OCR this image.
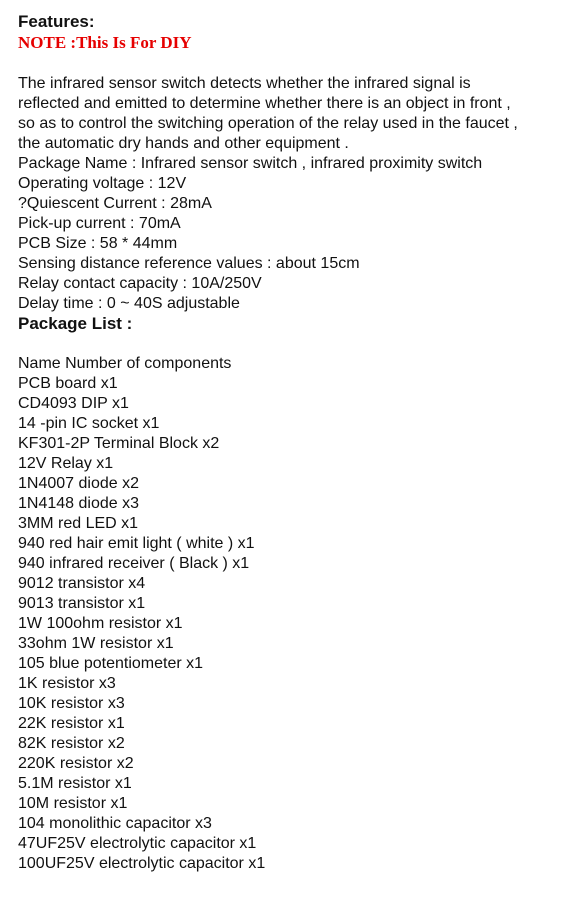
Features:
NOTE :This Is For DIY
The infrared sensor switch detects whether the infrared signal is
reflected and emitted to determine whether there is an object in front ,
so as to control the switching operation of the relay used in the faucet ,
the automatic dry hands and other equipment .
Package Name : Infrared sensor switch , infrared proximity switch
Operating voltage : 12V
?Quiescent Current : 28mA
Pick-up current : 70mA
PCB Size : 58 * 44mm
Sensing distance reference values : about 15cm
Relay contact capacity : 10A/250V
Delay time : 0 ~ 40S adjustable
Package List :
Name Number of components
PCB board x1
CD4093 DIP x1
14 -pin IC socket x1
KF301-2P Terminal Block x2
12V Relay x1
1N4007 diode x2
1N4148 diode x3
3MM red LED x1
940 red hair emit light ( white ) x1
940 infrared receiver ( Black ) x1
9012 transistor x4
9013 transistor x1
1W 100ohm resistor x1
33ohm 1W resistor x1
105 blue potentiometer x1
1K resistor x3
10K resistor x3
22K resistor x1
82K resistor x2
220K resistor x2
5.1M resistor x1
10M resistor x1
104 monolithic capacitor x3
47UF25V electrolytic capacitor x1
100UF25V electrolytic capacitor x1
